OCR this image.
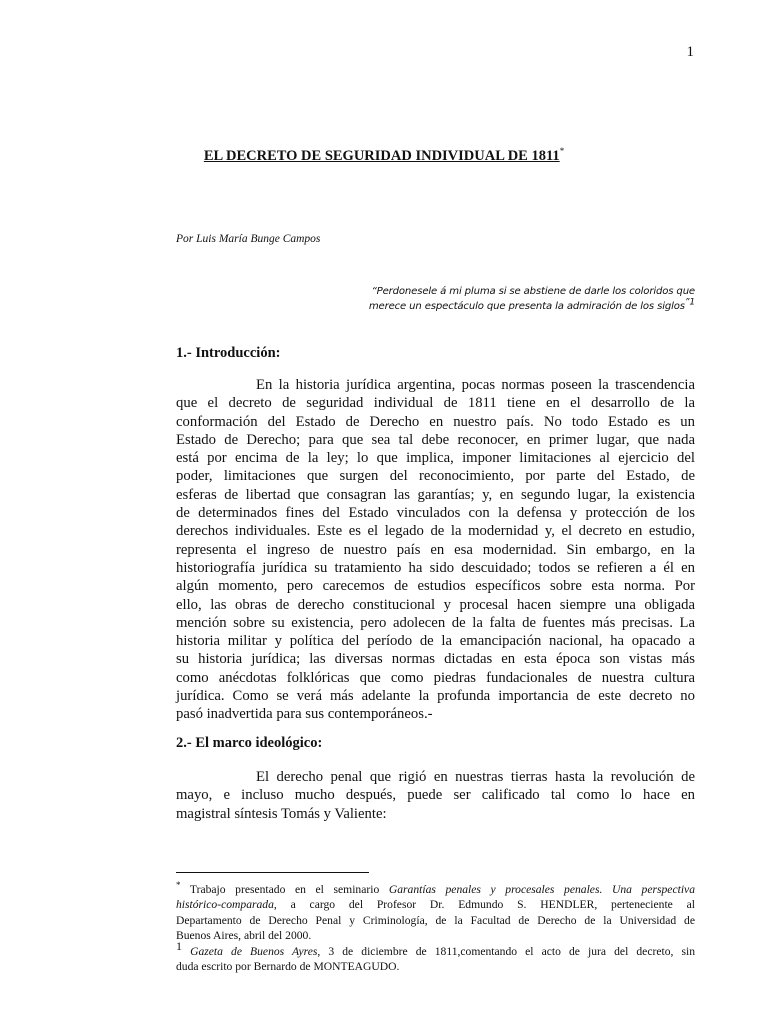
1
EL DECRETO DE SEGURIDAD INDIVIDUAL DE 1811*
Por Luis María Bunge Campos
“Perdonesele á mi pluma si se abstiene de darle los coloridos que
merece un espectáculo que presenta la admiración de los siglos$^{”1}$
1.- Introducción:
En la historia jurídica argentina, pocas normas poseen la trascendencia
que el decreto de seguridad individual de 1811 tiene en el desarrollo de la
conformación del Estado de Derecho en nuestro país. No todo Estado es un
Estado de Derecho; para que sea tal debe reconocer, en primer lugar, que nada
está por encima de la ley; lo que implica, imponer limitaciones al ejercicio del
poder, limitaciones que surgen del reconocimiento, por parte del Estado, de
esferas de libertad que consagran las garantías; y, en segundo lugar, la existencia
de determinados fines del Estado vinculados con la defensa y protección de los
derechos individuales. Este es el legado de la modernidad y, el decreto en estudio,
representa el ingreso de nuestro país en esa modernidad. Sin embargo, en la
historiografía jurídica su tratamiento ha sido descuidado; todos se refieren a él en
algún momento, pero carecemos de estudios específicos sobre esta norma. Por
ello, las obras de derecho constitucional y procesal hacen siempre una obligada
mención sobre su existencia, pero adolecen de la falta de fuentes más precisas. La
historia militar y política del período de la emancipación nacional, ha opacado a
su historia jurídica; las diversas normas dictadas en esta época son vistas más
como anécdotas folklóricas que como piedras fundacionales de nuestra cultura
jurídica. Como se verá más adelante la profunda importancia de este decreto no
pasó inadvertida para sus contemporáneos.-
2.- El marco ideológico:
El derecho penal que rigió en nuestras tierras hasta la revolución de
mayo, e incluso mucho después, puede ser calificado tal como lo hace en
magistral síntesis Tomás y Valiente:
* Trabajo presentado en el seminario Garantías penales y procesales penales. Una perspectiva
histórico-comparada, a cargo del Profesor Dr. Edmundo S. HENDLER, perteneciente al
Departamento de Derecho Penal y Criminología, de la Facultad de Derecho de la Universidad de
Buenos Aires, abril del 2000.
1 Gazeta de Buenos Ayres, 3 de diciembre de 1811,comentando el acto de jura del decreto, sin
duda escrito por Bernardo de MONTEAGUDO.
